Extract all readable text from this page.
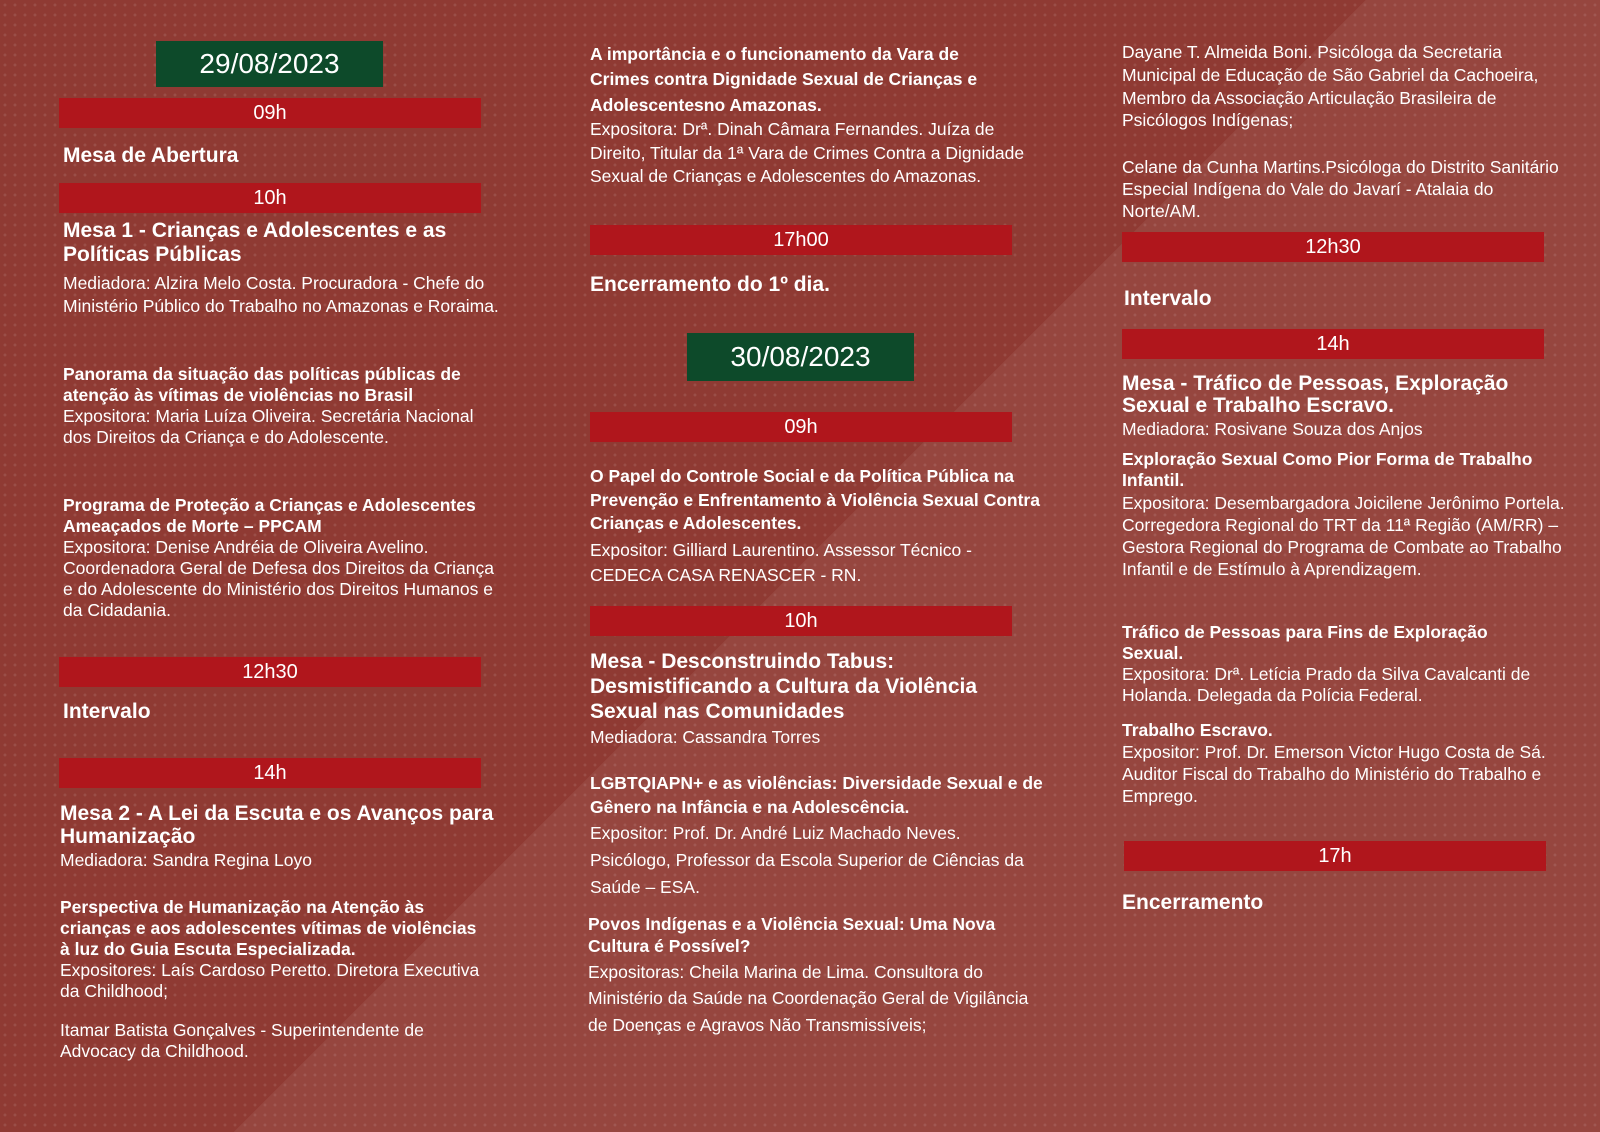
29/08/2023
09h
Mesa de Abertura
10h
Mesa 1 - Crianças e Adolescentes e as Políticas Públicas
Mediadora: Alzira Melo Costa. Procuradora - Chefe do Ministério Público do Trabalho no Amazonas e Roraima.
Panorama da situação das políticas públicas de atenção às vítimas de violências no Brasil
Expositora: Maria Luíza Oliveira. Secretária Nacional dos Direitos da Criança e do Adolescente.
Programa de Proteção a Crianças e Adolescentes Ameaçados de Morte – PPCAM
Expositora: Denise Andréia de Oliveira Avelino. Coordenadora Geral de Defesa dos Direitos da Criança e do Adolescente do Ministério dos Direitos Humanos e da Cidadania.
12h30
Intervalo
14h
Mesa 2 - A Lei da Escuta e os Avanços para Humanização
Mediadora: Sandra Regina Loyo
Perspectiva de Humanização na Atenção às crianças e aos adolescentes vítimas de violências à luz do Guia Escuta Especializada.
Expositores: Laís Cardoso Peretto. Diretora Executiva da Childhood;
Itamar Batista Gonçalves - Superintendente de Advocacy da Childhood.
A importância e o funcionamento da Vara de Crimes contra Dignidade Sexual de Crianças e Adolescentesno Amazonas.
Expositora: Drª. Dinah Câmara Fernandes. Juíza de Direito, Titular da 1ª Vara de Crimes Contra a Dignidade Sexual de Crianças e Adolescentes do Amazonas.
17h00
Encerramento do 1º dia.
30/08/2023
09h
O Papel do Controle Social e da Política Pública na Prevenção e Enfrentamento à Violência Sexual Contra Crianças e Adolescentes.
Expositor: Gilliard Laurentino. Assessor Técnico - CEDECA CASA RENASCER - RN.
10h
Mesa - Desconstruindo Tabus: Desmistificando a Cultura da Violência Sexual nas Comunidades
Mediadora: Cassandra Torres
LGBTQIAPN+ e as violências: Diversidade Sexual e de Gênero na Infância e na Adolescência.
Expositor: Prof. Dr. André Luiz Machado Neves. Psicólogo, Professor da Escola Superior de Ciências da Saúde – ESA.
Povos Indígenas e a Violência Sexual: Uma Nova Cultura é Possível?
Expositoras: Cheila Marina de Lima. Consultora do Ministério da Saúde na Coordenação Geral de Vigilância de Doenças e Agravos Não Transmissíveis;
Dayane T. Almeida Boni. Psicóloga da Secretaria Municipal de Educação de São Gabriel da Cachoeira, Membro da Associação Articulação Brasileira de Psicólogos Indígenas;
Celane da Cunha Martins.Psicóloga do Distrito Sanitário Especial Indígena do Vale do Javarí - Atalaia do Norte/AM.
12h30
Intervalo
14h
Mesa - Tráfico de Pessoas, Exploração Sexual e Trabalho Escravo.
Mediadora: Rosivane Souza dos Anjos
Exploração Sexual Como Pior Forma de Trabalho Infantil.
Expositora: Desembargadora Joicilene Jerônimo Portela. Corregedora Regional do TRT da 11ª Região (AM/RR) – Gestora Regional do Programa de Combate ao Trabalho Infantil e de Estímulo à Aprendizagem.
Tráfico de Pessoas para Fins de Exploração Sexual.
Expositora: Drª. Letícia Prado da Silva Cavalcanti de Holanda. Delegada da Polícia Federal.
Trabalho Escravo.
Expositor: Prof. Dr. Emerson Victor Hugo Costa de Sá. Auditor Fiscal do Trabalho do Ministério do Trabalho e Emprego.
17h
Encerramento
